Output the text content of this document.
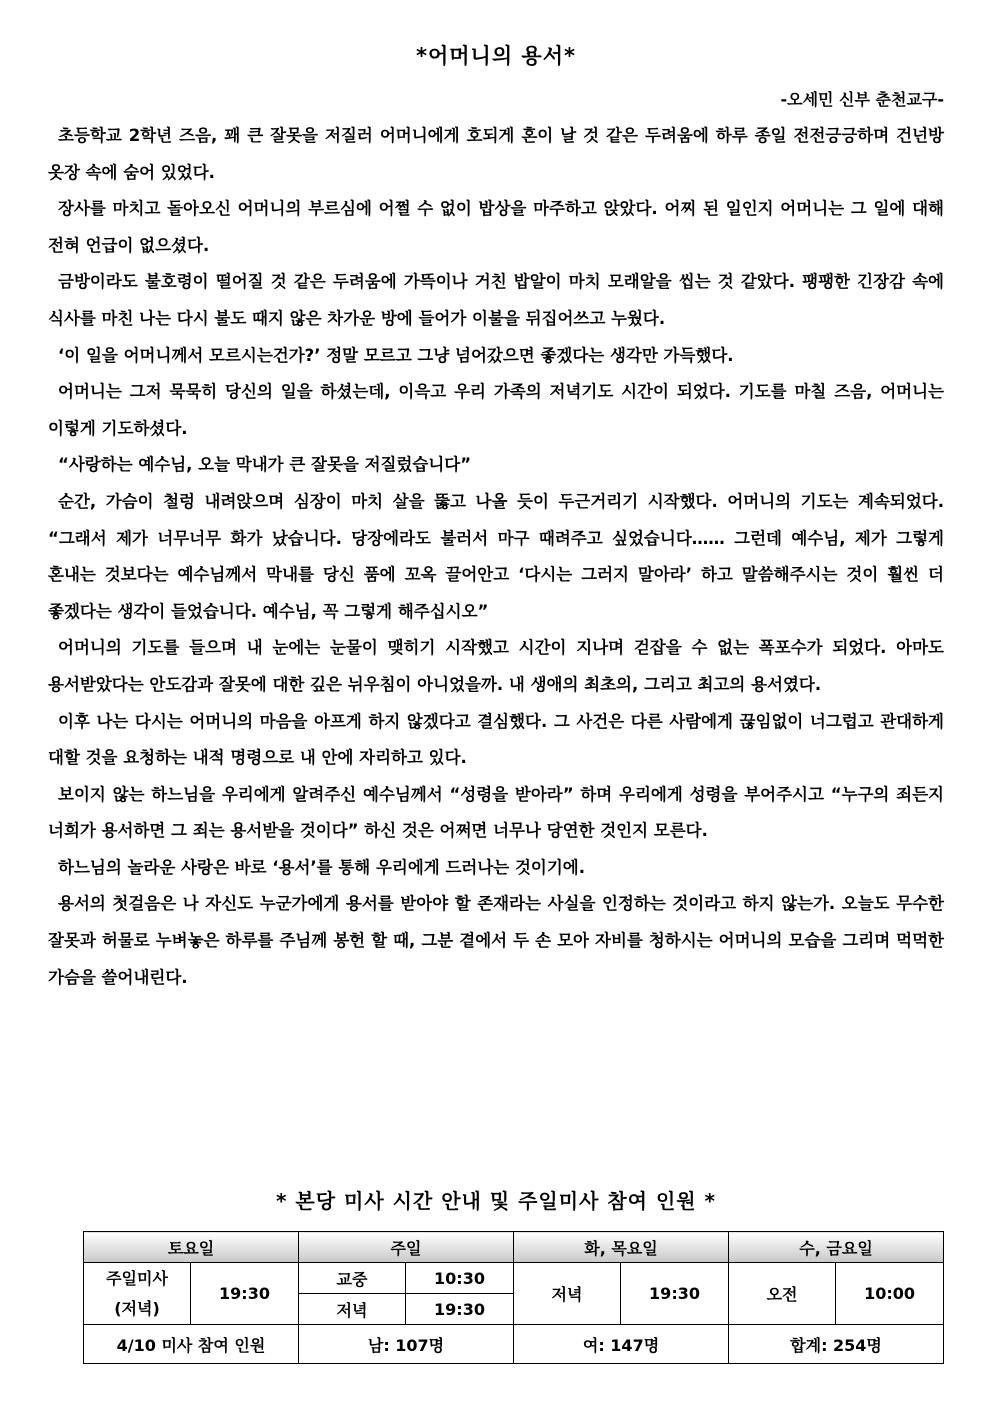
*어머니의 용서*
-오세민 신부 춘천교구-

초등학교 2학년 즈음, 꽤 큰 잘못을 저질러 어머니에게 호되게 혼이 날 것 같은 두려움에 하루 종일 전전긍긍하며 건넌방 옷장 속에 숨어 있었다.

장사를 마치고 돌아오신 어머니의 부르심에 어쩔 수 없이 밥상을 마주하고 앉았다. 어찌 된 일인지 어머니는 그 일에 대해 전혀 언급이 없으셨다.

금방이라도 불호령이 떨어질 것 같은 두려움에 가뜩이나 거친 밥알이 마치 모래알을 씹는 것 같았다. 팽팽한 긴장감 속에 식사를 마친 나는 다시 불도 때지 않은 차가운 방에 들어가 이불을 뒤집어쓰고 누웠다.

‘이 일을 어머니께서 모르시는건가?’ 정말 모르고 그냥 넘어갔으면 좋겠다는 생각만 가득했다.

어머니는 그저 묵묵히 당신의 일을 하셨는데, 이윽고 우리 가족의 저녁기도 시간이 되었다. 기도를 마칠 즈음, 어머니는 이렇게 기도하셨다.

“사랑하는 예수님, 오늘 막내가 큰 잘못을 저질렀습니다”

순간, 가슴이 철렁 내려앉으며 심장이 마치 살을 뚫고 나올 듯이 두근거리기 시작했다. 어머니의 기도는 계속되었다. “그래서 제가 너무너무 화가 났습니다. 당장에라도 불러서 마구 때려주고 싶었습니다…… 그런데 예수님, 제가 그렇게 혼내는 것보다는 예수님께서 막내를 당신 품에 꼬옥 끌어안고 ‘다시는 그러지 말아라’ 하고 말씀해주시는 것이 훨씬 더 좋겠다는 생각이 들었습니다. 예수님, 꼭 그렇게 해주십시오”

어머니의 기도를 들으며 내 눈에는 눈물이 맺히기 시작했고 시간이 지나며 걷잡을 수 없는 폭포수가 되었다. 아마도 용서받았다는 안도감과 잘못에 대한 깊은 뉘우침이 아니었을까. 내 생애의 최초의, 그리고 최고의 용서였다.

이후 나는 다시는 어머니의 마음을 아프게 하지 않겠다고 결심했다. 그 사건은 다른 사람에게 끊임없이 너그럽고 관대하게 대할 것을 요청하는 내적 명령으로 내 안에 자리하고 있다.

보이지 않는 하느님을 우리에게 알려주신 예수님께서 “성령을 받아라” 하며 우리에게 성령을 부어주시고 “누구의 죄든지 너희가 용서하면 그 죄는 용서받을 것이다” 하신 것은 어쩌면 너무나 당연한 것인지 모른다.

하느님의 놀라운 사랑은 바로 ‘용서’를 통해 우리에게 드러나는 것이기에.

용서의 첫걸음은 나 자신도 누군가에게 용서를 받아야 할 존재라는 사실을 인정하는 것이라고 하지 않는가. 오늘도 무수한 잘못과 허물로 누벼놓은 하루를 주님께 봉헌 할 때, 그분 곁에서 두 손 모아 자비를 청하시는 어머니의 모습을 그리며 먹먹한 가슴을 쓸어내린다.

* 본당 미사 시간 안내 및 주일미사 참여 인원 *
토요일		주일		화, 목요일		수, 금요일	

주일미사
(저녁)	19:30	교중	10:30	저녁	19:30	오전	10:00
		저녁	19:30				
4/10 미사 참여 인원		남: 107명		여: 147명		합계: 254명	
